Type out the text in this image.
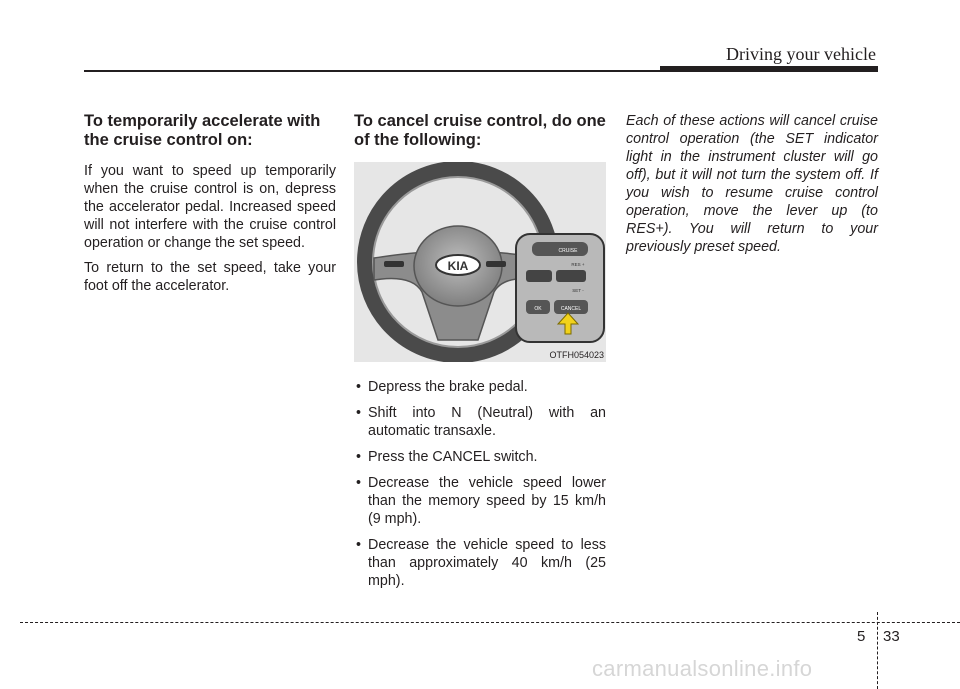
Driving your vehicle
To temporarily accelerate with the cruise control on:

If you want to speed up temporarily when the cruise control is on, depress the accelerator pedal. Increased speed will not interfere with the cruise control operation or change the set speed.

To return to the set speed, take your foot off the accelerator.

To cancel cruise control, do one of the following:
KIA
CRUISE
RES +
SET -
OK	CANCEL
OTFH054023
• Depress the brake pedal.
• Shift into N (Neutral) with an automatic transaxle.
• Press the CANCEL switch.
• Decrease the vehicle speed lower than the memory speed by 15 km/h (9 mph).
• Decrease the vehicle speed to less than approximately 40 km/h (25 mph).

Each of these actions will cancel cruise control operation (the SET indicator light in the instrument cluster will go off), but it will not turn the system off. If you wish to resume cruise control operation, move the lever up (to RES+). You will return to your previously preset speed.

5 33
carmanualsonline.info
